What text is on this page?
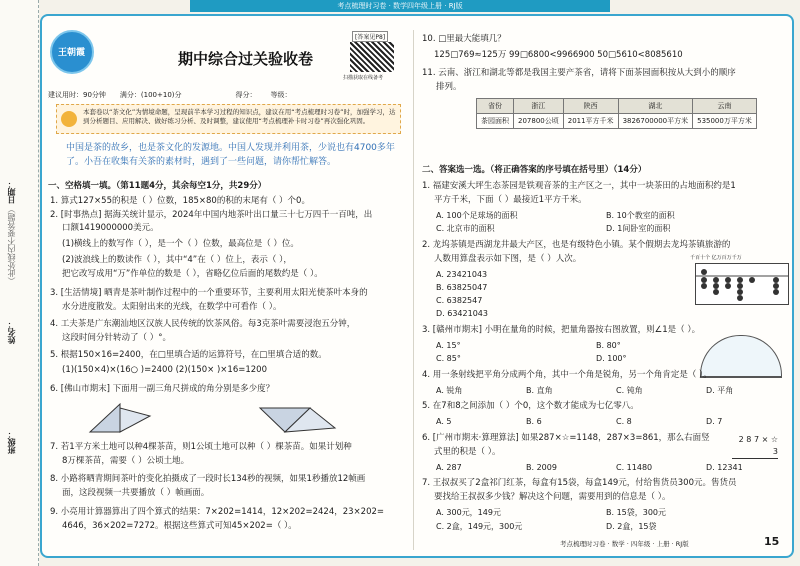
日期：
（此处线内不要答题）
姓名：
班级：
考点梳理时习卷 · 数学四年级上册 · RJ版
王朝霞	期中综合过关验收卷
[答案见P8]
扫描获取在线备考
建议用时：90分钟 满分：(100+10)分	得分： 等级：
本套卷以“茶文化”为情境命题，呈现前半本学习过程的知识点，建议在用“考点梳理时习卷”时，加强学习，达到分析题目、应用解决、做好练习分析、及时调整，建议使用“考点梳理补卡时习卷”再次强化巩固。
中国是茶的故乡，也是茶文化的发源地。中国人发现并利用茶，少说也有4700多年了。小吾在收集有关茶的素材时，遇到了一些问题，请你帮忙解答。
一、空格填一填。（第11题4分，其余每空1分，共29分）
1. 算式127×55的积是（ ）位数，185×80的积的末尾有（ ）个0。
2. [时事热点] 据海关统计显示，2024年中国内地茶叶出口量三十七万四千一百吨，出
口额1419000000美元。
(1)横线上的数写作（ ），是一个（ ）位数，最高位是（ ）位。
(2)波浪线上的数读作（ ），其中“4”在（ ）位上，表示（ ），
把它改写成用“万”作单位的数是（ ），省略亿位后面的尾数约是（ ）。
3. [生活情境] 晒青是茶叶制作过程中的一个重要环节，主要利用太阳光使茶叶本身的
水分进度散发。太阳射出来的光线，在数学中可看作（ ）。
4. 工夫茶是广东潮汕地区汉族人民传统的饮茶风俗。每3克茶叶需要浸泡五分钟，
这段时间分针转动了（ ）°。
5. 根据150×16=2400，在□里填合适的运算符号，在□里填合适的数。
(1)(150×4)×(16○ )=2400 (2)(150× )×16=1200
6. [佛山市期末] 下面用一副三角尺拼成的角分别是多少度？
7. 若1平方米土地可以种4棵茶苗，则1公顷土地可以种（ ）棵茶苗。如果计划种
8万棵茶苗，需要（ ）公顷土地。
8. 小路将晒青期间茶叶的变化拍摄成了一段时长134秒的视频，如果1秒播放12帧画
面，这段视频一共要播放（ ）帧画面。
9. 小亮用计算器算出了四个算式的结果：7×202=1414，12×202=2424，23×202=
4646，36×202=7272。根据这些算式可知45×202=（ ）。
10. □里最大能填几？
125□769≈125万 99□6800<9966900 50□5610<8085610
11. 云南、浙江和湖北等都是我国主要产茶省，请将下面茶园面积按从大到小的顺序
排列。
省份	浙江	陕西	湖北	云南
茶园面积	207800公顷	2011平方千米	3826700000平方米	535000万平方米
二、答案选一选。（将正确答案的序号填在括号里）（14分）
1. 福建安溪大坪生态茶园是铁观音茶的主产区之一，其中一块茶田的占地面积约是1
平方千米，下面（ ）最接近1平方千米。
A. 100个足球场的面积	B. 10个教室的面积
C. 北京市的面积	D. 1间卧室的面积
2. 龙坞茶镇是西湖龙井最大产区，也是有级特色小镇。某个假期去龙坞茶镇旅游的
人数用算盘表示如下图，是（ ）人次。
A. 23421043
B. 63825047
C. 6382547
D. 63421043
千百十个 亿万百万千万
3. [赣州市期末] 小明在量角的时候，把量角器按右图放置，则∠1是（ ）。
A. 15°	B. 80°
C. 85°	D. 100°
4. 用一条射线把平角分成两个角，其中一个角是锐角，另一个角肯定是（ ）。
A. 锐角	B. 直角	C. 钝角	D. 平角
5. 在7和8之间添加（ ）个0，这个数才能成为七亿零八。
A. 5	B. 6	C. 8	D. 7
6. [广州市期末·算理算法] 如果287×☆=1148，287×3=861，那么右面竖
式里的积是（ ）。
2 8 7 × ☆ 3
A. 287	B. 2009	C. 11480	D. 12341
7. 王叔叔买了2盒祁门红茶，每盒有15袋，每盒149元，付给售货员300元。售货员
要找给王叔叔多少钱？解决这个问题，需要用到的信息是（ ）。
A. 300元，149元	B. 15袋，300元
C. 2盒，149元，300元	D. 2盒，15袋
考点梳理时习卷 · 数学 · 四年级 · 上册 · RJ版	15
